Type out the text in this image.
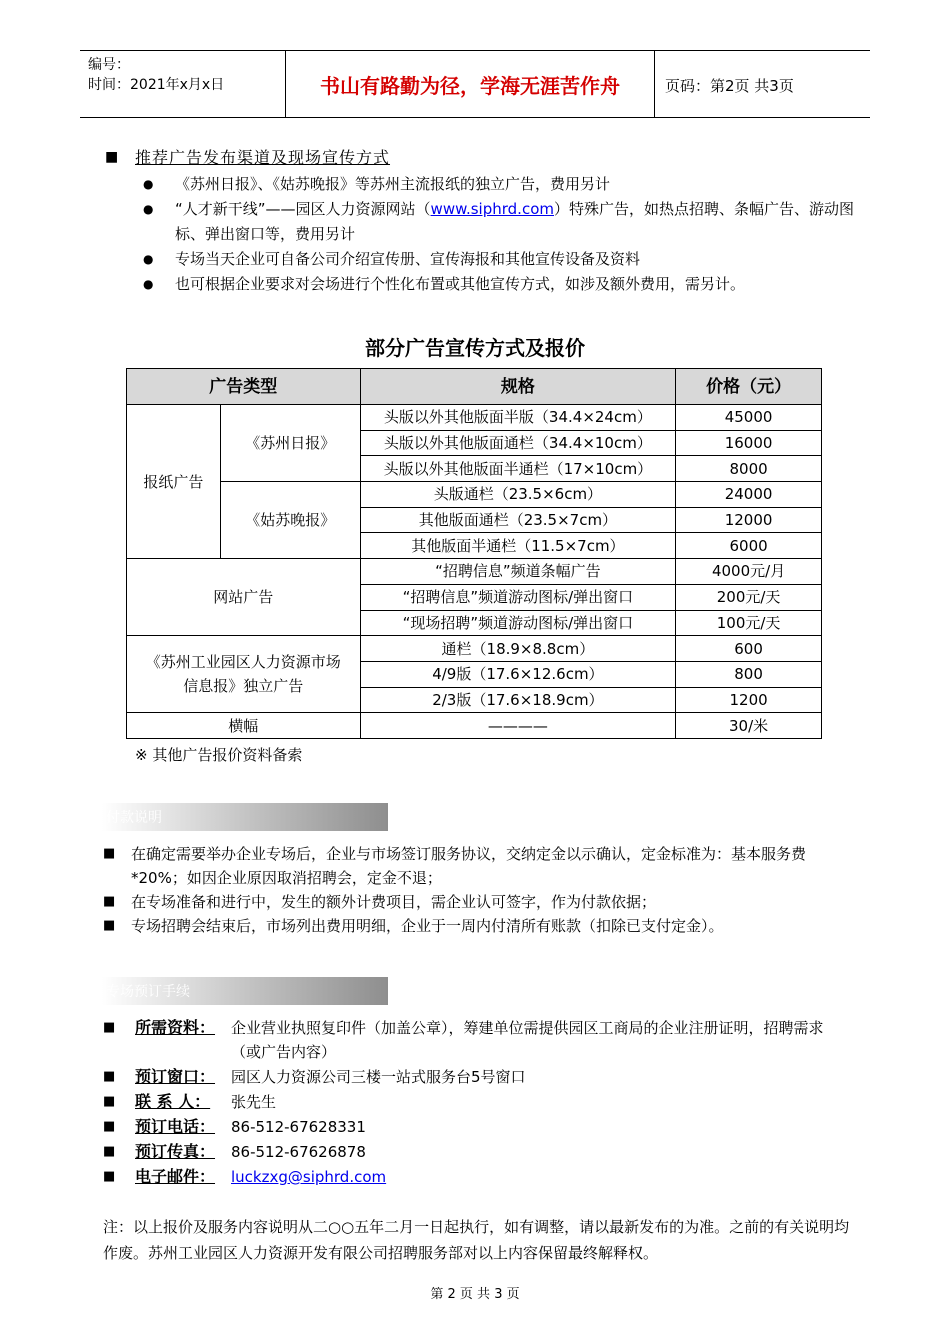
编号：
时间：2021年x月x日	书山有路勤为径，学海无涯苦作舟	页码：第2页 共3页
■	推荐广告发布渠道及现场宣传方式
● 《苏州日报》、《姑苏晚报》等苏州主流报纸的独立广告，费用另计
● “人才新干线”——园区人力资源网站（www.siphrd.com）特殊广告，如热点招聘、条幅广告、游动图标、弹出窗口等，费用另计
● 专场当天企业可自备公司介绍宣传册、宣传海报和其他宣传设备及资料
● 也可根据企业要求对会场进行个性化布置或其他宣传方式，如涉及额外费用，需另计。
部分广告宣传方式及报价
广告类型		规格	价格（元）
报纸广告	《苏州日报》	头版以外其他版面半版（34.4×24cm）	45000
		头版以外其他版面通栏（34.4×10cm）	16000
		头版以外其他版面半通栏（17×10cm）	8000
	《姑苏晚报》	头版通栏（23.5×6cm）	24000
		其他版面通栏（23.5×7cm）	12000
		其他版面半通栏（11.5×7cm）	6000
网站广告		“招聘信息”频道条幅广告	4000元/月
		“招聘信息”频道游动图标/弹出窗口	200元/天
		“现场招聘”频道游动图标/弹出窗口	100元/天
《苏州工业园区人力资源市场信息报》独立广告		通栏（18.9×8.8cm）	600
		4/9版（17.6×12.6cm）	800
		2/3版（17.6×18.9cm）	1200
横幅		————	30/米
※ 其他广告报价资料备索
付款说明
■ 在确定需要举办企业专场后，企业与市场签订服务协议，交纳定金以示确认，定金标准为：基本服务费*20%；如因企业原因取消招聘会，定金不退；
■ 在专场准备和进行中，发生的额外计费项目，需企业认可签字，作为付款依据；
■ 专场招聘会结束后，市场列出费用明细，企业于一周内付清所有账款（扣除已支付定金）。
专场预订手续
■ 所需资料： 企业营业执照复印件（加盖公章），筹建单位需提供园区工商局的企业注册证明，招聘需求（或广告内容）
■ 预订窗口： 园区人力资源公司三楼一站式服务台5号窗口
■ 联 系 人： 张先生
■ 预订电话： 86-512-67628331
■ 预订传真： 86-512-67626878
■ 电子邮件： luckzxg@siphrd.com
注：以上报价及服务内容说明从二○○五年二月一日起执行，如有调整，请以最新发布的为准。之前的有关说明均作废。苏州工业园区人力资源开发有限公司招聘服务部对以上内容保留最终解释权。
第 2 页 共 3 页
